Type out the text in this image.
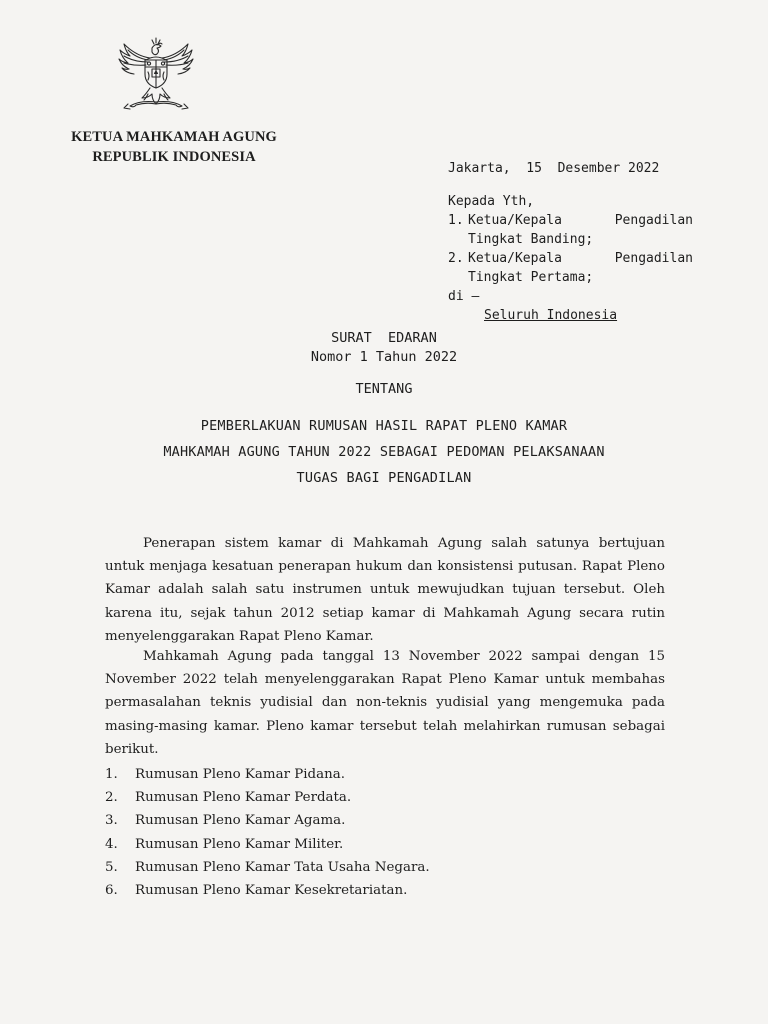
KETUA MAHKAMAH AGUNG
REPUBLIK INDONESIA
Jakarta,  15  Desember 2022
Kepada Yth,
1. Ketua/Kepala	Pengadilan
Tingkat Banding;
2. Ketua/Kepala	Pengadilan
Tingkat Pertama;
di –
Seluruh Indonesia
SURAT  EDARAN
Nomor 1 Tahun 2022
TENTANG
PEMBERLAKUAN RUMUSAN HASIL RAPAT PLENO KAMAR
MAHKAMAH AGUNG TAHUN 2022 SEBAGAI PEDOMAN PELAKSANAAN
TUGAS BAGI PENGADILAN
Penerapan sistem kamar di Mahkamah Agung salah satunya bertujuan untuk menjaga kesatuan penerapan hukum dan konsistensi putusan. Rapat Pleno Kamar adalah salah satu instrumen untuk mewujudkan tujuan tersebut. Oleh karena itu, sejak tahun 2012 setiap kamar di Mahkamah Agung secara rutin menyelenggarakan Rapat Pleno Kamar.
Mahkamah Agung pada tanggal 13 November 2022 sampai dengan 15 November 2022 telah menyelenggarakan Rapat Pleno Kamar untuk membahas permasalahan teknis yudisial dan non-teknis yudisial yang mengemuka pada masing-masing kamar. Pleno kamar tersebut telah melahirkan rumusan sebagai berikut.
1.	Rumusan Pleno Kamar Pidana.
2.	Rumusan Pleno Kamar Perdata.
3.	Rumusan Pleno Kamar Agama.
4.	Rumusan Pleno Kamar Militer.
5.	Rumusan Pleno Kamar Tata Usaha Negara.
6.	Rumusan Pleno Kamar Kesekretariatan.
